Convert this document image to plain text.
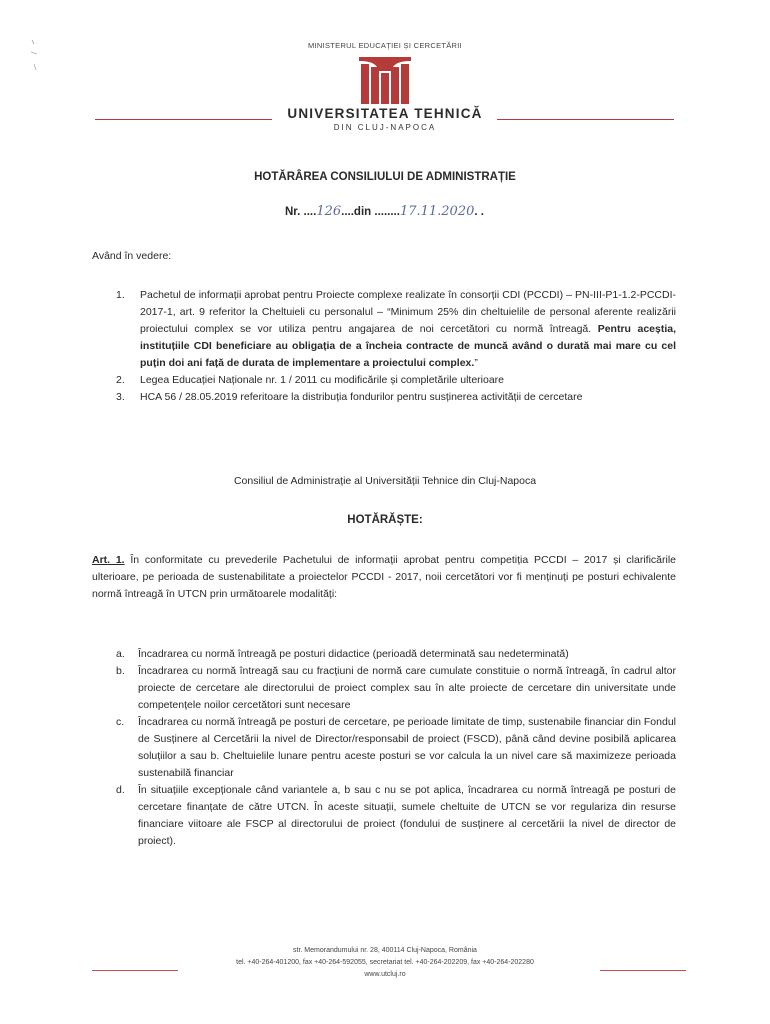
MINISTERUL EDUCAȚIEI ȘI CERCETĂRII
UNIVERSITATEA TEHNICĂ
DIN CLUJ-NAPOCA
HOTĂRÂREA CONSILIULUI DE ADMINISTRAȚIE
Nr. ....126....din ........17.11.2020. .
Având în vedere:
1. Pachetul de informații aprobat pentru Proiecte complexe realizate în consorții CDI (PCCDI) – PN-III-P1-1.2-PCCDI-2017-1, art. 9 referitor la Cheltuieli cu personalul – “Minimum 25% din cheltuielile de personal aferente realizării proiectului complex se vor utiliza pentru angajarea de noi cercetători cu normă întreagă. Pentru aceștia, instituțiile CDI beneficiare au obligația de a încheia contracte de muncă având o durată mai mare cu cel puțin doi ani față de durata de implementare a proiectului complex.”
2. Legea Educației Naționale nr. 1 / 2011 cu modificările și completările ulterioare
3. HCA 56 / 28.05.2019 referitoare la distribuția fondurilor pentru susținerea activității de cercetare
Consiliul de Administrație al Universității Tehnice din Cluj-Napoca
HOTĂRĂȘTE:
Art. 1. În conformitate cu prevederile Pachetului de informații aprobat pentru competiția PCCDI – 2017 și clarificările ulterioare, pe perioada de sustenabilitate a proiectelor PCCDI - 2017, noii cercetători vor fi menținuți pe posturi echivalente normă întreagă în UTCN prin următoarele modalități:
a. Încadrarea cu normă întreagă pe posturi didactice (perioadă determinată sau nedeterminată)
b. Încadrarea cu normă întreagă sau cu fracțiuni de normă care cumulate constituie o normă întreagă, în cadrul altor proiecte de cercetare ale directorului de proiect complex sau în alte proiecte de cercetare din universitate unde competențele noilor cercetători sunt necesare
c. Încadrarea cu normă întreagă pe posturi de cercetare, pe perioade limitate de timp, sustenabile financiar din Fondul de Susținere al Cercetării la nivel de Director/responsabil de proiect (FSCD), până când devine posibilă aplicarea soluțiilor a sau b. Cheltuielile lunare pentru aceste posturi se vor calcula la un nivel care să maximizeze perioada sustenabilă financiar
d. În situațiile excepționale când variantele a, b sau c nu se pot aplica, încadrarea cu normă întreagă pe posturi de cercetare finanțate de către UTCN. În aceste situații, sumele cheltuite de UTCN se vor regulariza din resurse financiare viitoare ale FSCP al directorului de proiect (fondului de susținere al cercetării la nivel de director de proiect).
str. Memorandumului nr. 28, 400114 Cluj-Napoca, România
tel. +40-264-401200, fax +40-264-592055, secretariat tel. +40-264-202209, fax +40-264-202280
www.utcluj.ro
